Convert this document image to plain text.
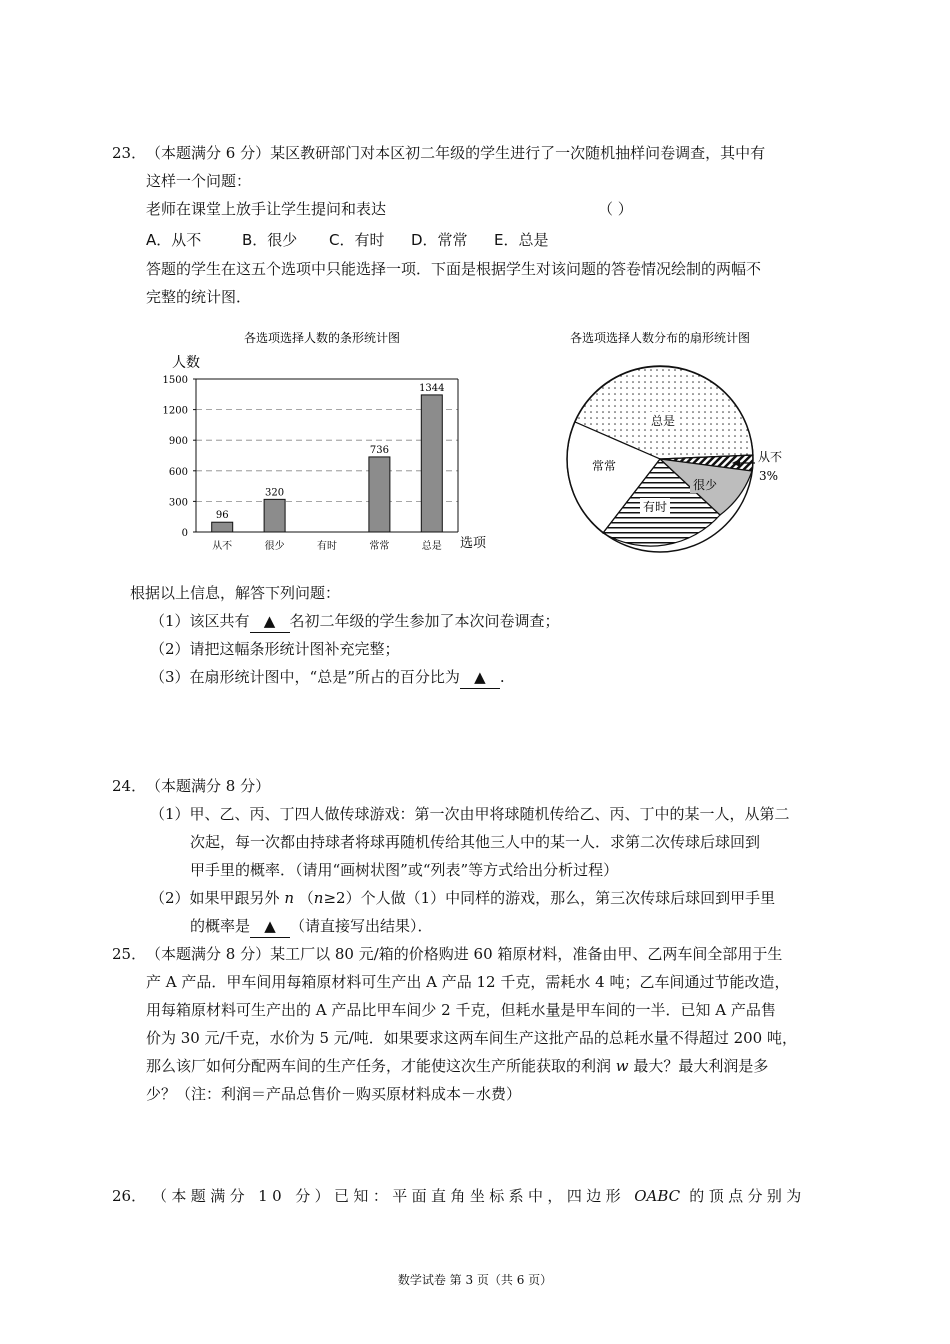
23． （本题满分 6 分）某区教研部门对本区初二年级的学生进行了一次随机抽样问卷调查，其中有
这样一个问题：
老师在课堂上放手让学生提问和表达	（ ）
A．从不	B．很少 C．有时 D．常常 E．总是
答题的学生在这五个选项中只能选择一项．下面是根据学生对该问题的答卷情况绘制的两幅不
完整的统计图．
各选项选择人数的条形统计图
人数
0
300
600
900
1200
1500
96
320
736
1344
从不	很少	有时	常常	总是 选项
各选项选择人数分布的扇形统计图
总是
常常
很少
有时
从不
3%
根据以上信息，解答下列问题：
（1）该区共有 ▲ 名初二年级的学生参加了本次问卷调查；
（2）请把这幅条形统计图补充完整；
（3）在扇形统计图中，“总是”所占的百分比为 ▲ .
24． （本题满分 8 分）
（1）甲、乙、丙、丁四人做传球游戏：第一次由甲将球随机传给乙、丙、丁中的某一人，从第二
次起，每一次都由持球者将球再随机传给其他三人中的某一人．求第二次传球后球回到
甲手里的概率．（请用“画树状图”或“列表”等方式给出分析过程）
（2）如果甲跟另外 n （n≥2）个人做（1）中同样的游戏，那么，第三次传球后球回到甲手里
的概率是 ▲ （请直接写出结果）．
25． （本题满分 8 分）某工厂以 80 元/箱的价格购进 60 箱原材料，准备由甲、乙两车间全部用于生
产 A 产品．甲车间用每箱原材料可生产出 A 产品 12 千克，需耗水 4 吨；乙车间通过节能改造，
用每箱原材料可生产出的 A 产品比甲车间少 2 千克，但耗水量是甲车间的一半．已知 A 产品售
价为 30 元/千克，水价为 5 元/吨．如果要求这两车间生产这批产品的总耗水量不得超过 200 吨，
那么该厂如何分配两车间的生产任务，才能使这次生产所能获取的利润 w 最大？最大利润是多
少？（注：利润＝产品总售价－购买原材料成本－水费）
26． （本题满分 10 分）已知：平面直角坐标系中，四边形 OABC 的顶点分别为
数学试卷 第 3 页（共 6 页）
